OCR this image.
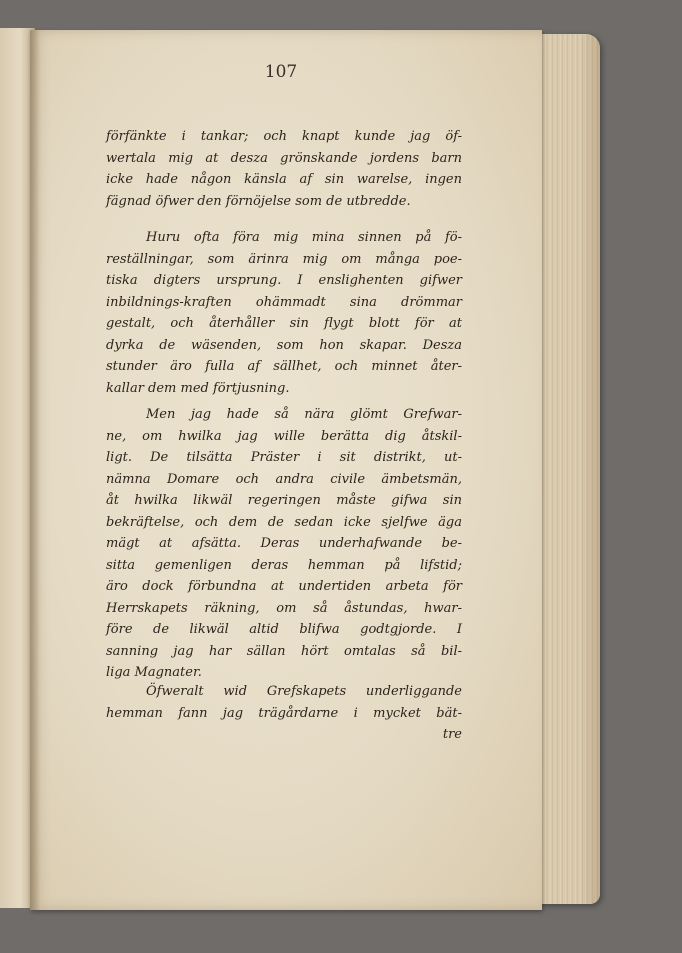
107
förfänkte i tankar; och knapt kunde jag öf-
wertala mig at desza grönskande jordens barn
icke hade någon känsla af sin warelse, ingen
fägnad öfwer den förnöjelse som de utbredde.
Huru ofta föra mig mina sinnen på fö-
reställningar, som ärinra mig om många poe-
tiska digters ursprung. I enslighenten gifwer
inbildnings-kraften ohämmadt sina drömmar
gestalt, och återhåller sin flygt blott för at
dyrka de wäsenden, som hon skapar. Desza
stunder äro fulla af sällhet, och minnet åter-
kallar dem med förtjusning.
Men jag hade så nära glömt Grefwar-
ne, om hwilka jag wille berätta dig åtskil-
ligt. De tilsätta Präster i sit distrikt, ut-
nämna Domare och andra civile ämbetsmän,
åt hwilka likwäl regeringen måste gifwa sin
bekräftelse, och dem de sedan icke sjelfwe äga
mägt at afsätta. Deras underhafwande be-
sitta gemenligen deras hemman på lifstid;
äro dock förbundna at undertiden arbeta för
Herrskapets räkning, om så åstundas, hwar-
före de likwäl altid blifwa godtgjorde. I
sanning jag har sällan hört omtalas så bil-
liga Magnater.
Öfweralt wid Grefskapets underliggande
hemman fann jag trägårdarne i mycket bät-
tre
